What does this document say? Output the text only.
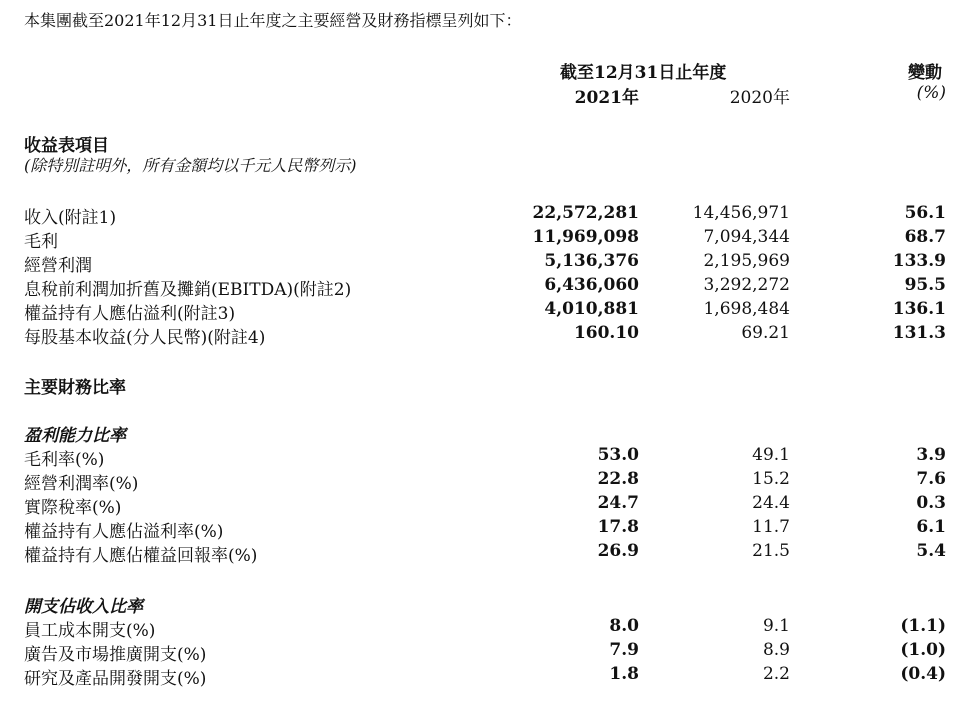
本集團截至2021年12月31日止年度之主要經營及財務指標呈列如下：
截至12月31日止年度	變動
2021年	2020年	(%)
收益表項目
(除特別註明外，所有金額均以千元人民幣列示)
收入(附註1)	22,572,281	14,456,971	56.1
毛利	11,969,098	7,094,344	68.7
經營利潤	5,136,376	2,195,969	133.9
息稅前利潤加折舊及攤銷(EBITDA)(附註2)	6,436,060	3,292,272	95.5
權益持有人應佔溢利(附註3)	4,010,881	1,698,484	136.1
每股基本收益(分人民幣)(附註4)	160.10	69.21	131.3
主要財務比率
盈利能力比率
毛利率(%)	53.0	49.1	3.9
經營利潤率(%)	22.8	15.2	7.6
實際稅率(%)	24.7	24.4	0.3
權益持有人應佔溢利率(%)	17.8	11.7	6.1
權益持有人應佔權益回報率(%)	26.9	21.5	5.4
開支佔收入比率
員工成本開支(%)	8.0	9.1	(1.1)
廣告及市場推廣開支(%)	7.9	8.9	(1.0)
研究及產品開發開支(%)	1.8	2.2	(0.4)
